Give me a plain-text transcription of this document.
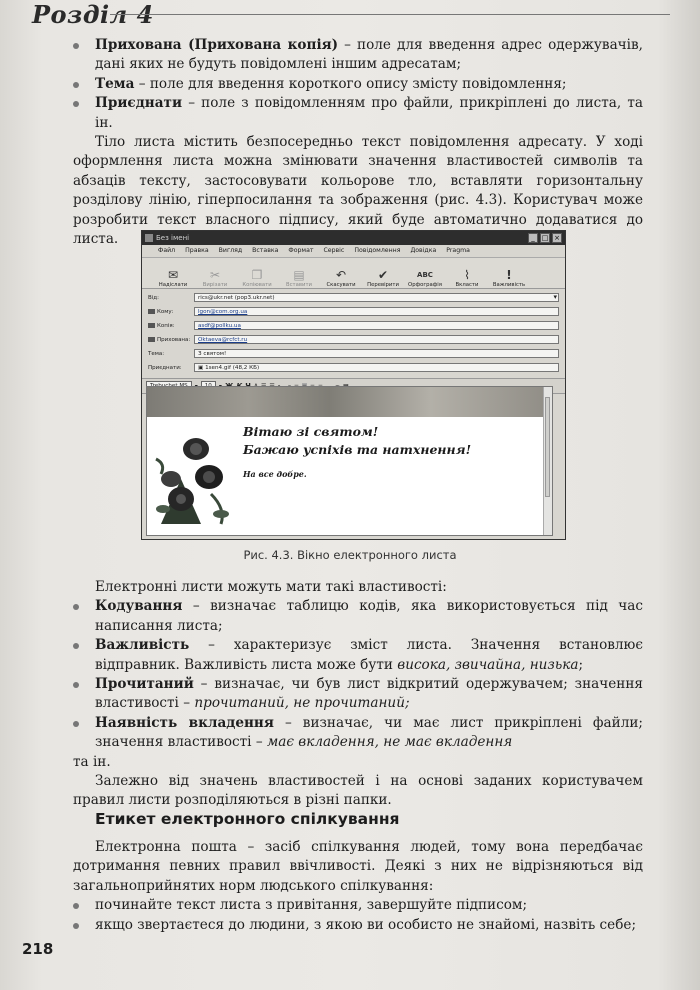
Розділ 4

Прихована (Прихована копія) – поле для введення адрес одержувачів, дані яких не будуть повідомлені іншим адресатам;

Тема – поле для введення короткого опису змісту повідомлення;

Приєднати – поле з повідомленням про файли, прикріплені до листа, та ін.

Тіло листа містить безпосередньо текст повідомлення адресату. У ході оформлення листа можна змінювати значення властивостей символів та абзаців тексту, застосовувати кольорове тло, вставляти горизонтальну розділову лінію, гіперпосилання та зображення (рис. 4.3). Користувач може розробити текст власного підпису, який буде автоматично додаватися до листа.	Без імені	_ □ ×
Файл Правка Вигляд Вставка Формат Сервіс Повідомлення Довідка Pragma
✉
Надіслати
✂
Вирізати
❐
Копіювати
▤
Вставити
↶
Скасувати
✔
Перевірити
ABC
Орфографія
⌇
Вкласти
!
Важливість
Від:	rics@ukr.net (pop3.ukr.net) ▾
Кому:	lgon@com.org.ua
Копія:	asdf@pollku.ua
Прихована:	Oktaeva@rcfct.ru
Тема:	З святом!
Приєднати:	▣ 1sen4.gif (48,2 КБ)
Вітаю зі святом!
Бажаю успіхів та натхнення!
На все добре.
Рис. 4.3. Вікно електронного листа

Електронні листи можуть мати такі властивості:

Кодування – визначає таблицю кодів, яка використовується під час написання листа;

Важливість – характеризує зміст листа. Значення встановлює відправник. Важливість листа може бути висока, звичайна, низька;

Прочитаний – визначає, чи був лист відкритий одержувачем; значення властивості – прочитаний, не прочитаний;

Наявність вкладення – визначає, чи має лист прикріплені файли; значення властивості – має вкладення, не має вкладення

та ін.

Залежно від значень властивостей і на основі заданих користувачем правил листи розподіляються в різні папки.

Етикет електронного спілкування

Електронна пошта – засіб спілкування людей, тому вона передбачає дотримання певних правил ввічливості. Деякі з них не відрізняються від загальноприйнятих норм людського спілкування:

починайте текст листа з привітання, завершуйте підписом;

якщо звертаєтеся до людини, з якою ви особисто не знайомі, назвіть себе;

218
